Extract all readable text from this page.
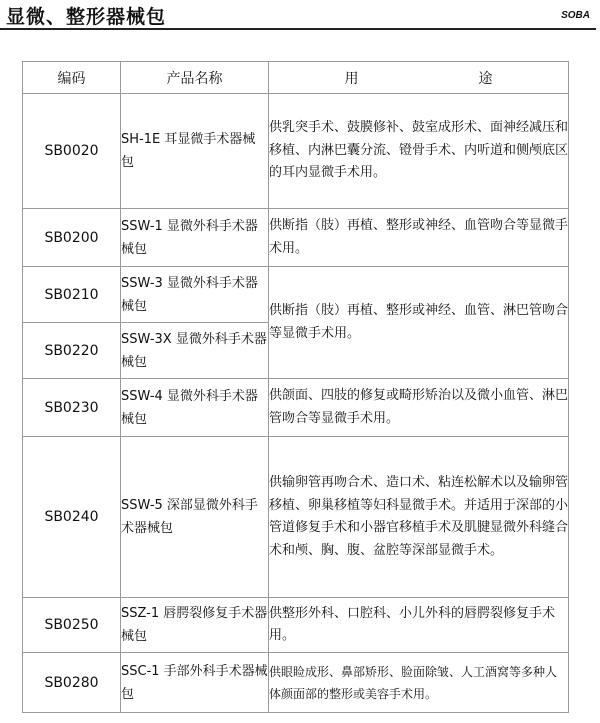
显微、整形器械包	SOBA
编码	产品名称	用 途
SB0020	SH-1E 耳显微手术器械包	供乳突手术、鼓膜修补、鼓室成形术、面神经减压和移植、内淋巴囊分流、镫骨手术、内听道和侧颅底区的耳内显微手术用。
SB0200	SSW-1 显微外科手术器械包	供断指（肢）再植、整形或神经、血管吻合等显微手术用。
SB0210	SSW-3 显微外科手术器械包	供断指（肢）再植、整形或神经、血管、淋巴管吻合等显微手术用。
SB0220	SSW-3X 显微外科手术器械包	
SB0230	SSW-4 显微外科手术器械包	供颌面、四肢的修复或畸形矫治以及微小血管、淋巴管吻合等显微手术用。
SB0240	SSW-5 深部显微外科手术器械包	供输卵管再吻合术、造口术、粘连松解术以及输卵管移植、卵巢移植等妇科显微手术。并适用于深部的小管道修复手术和小器官移植手术及肌腱显微外科缝合术和颅、胸、腹、盆腔等深部显微手术。
SB0250	SSZ-1 唇腭裂修复手术器械包	供整形外科、口腔科、小儿外科的唇腭裂修复手术用。
SB0280	SSC-1 手部外科手术器械包	供眼睑成形、鼻部矫形、脸面除皱、人工酒窝等多种人体颜面部的整形或美容手术用。
